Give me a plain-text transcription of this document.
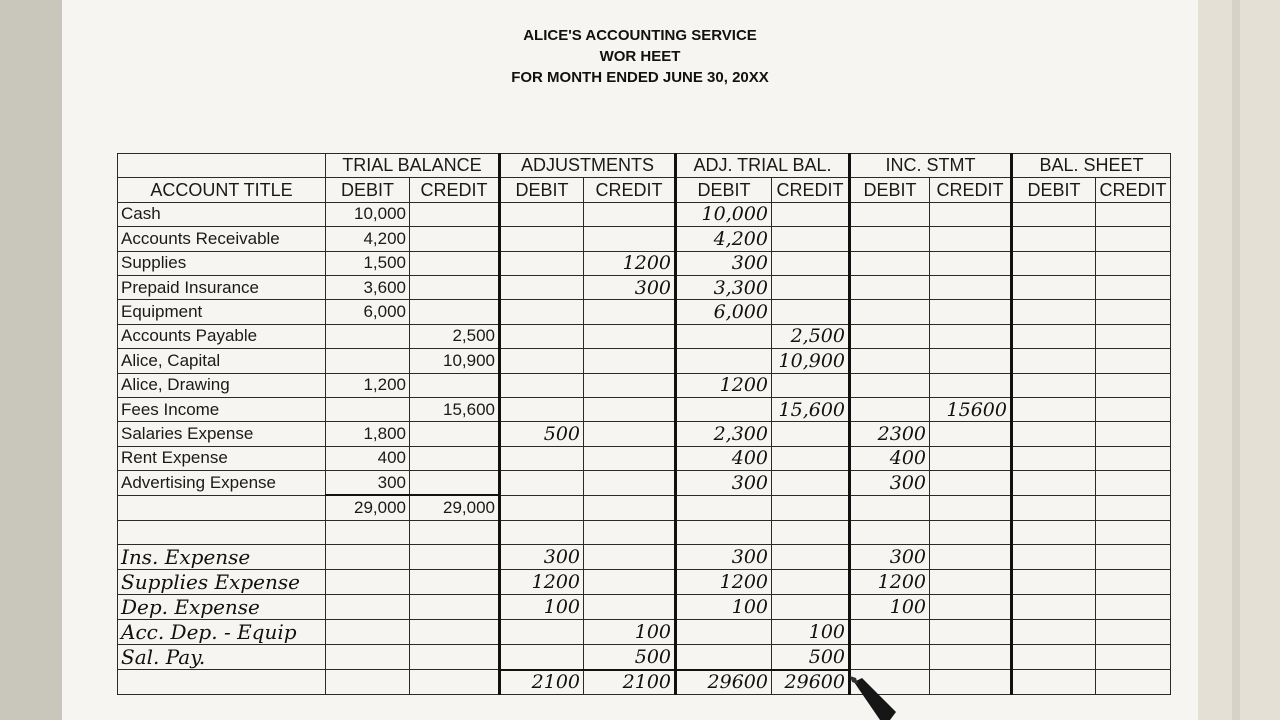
ALICE'S ACCOUNTING SERVICE
WOR HEET
FOR MONTH ENDED JUNE 30, 20XX
	TRIAL BALANCE		ADJUSTMENTS		ADJ. TRIAL BAL.		INC. STMT		BAL. SHEET	
ACCOUNT TITLE	DEBIT	CREDIT	DEBIT	CREDIT	DEBIT	CREDIT	DEBIT	CREDIT	DEBIT	CREDIT
Cash	10,000				10,000					
Accounts Receivable	4,200				4,200					
Supplies	1,500			1200	300					
Prepaid Insurance	3,600			300	3,300					
Equipment	6,000				6,000					
Accounts Payable		2,500				2,500				
Alice, Capital		10,900				10,900				
Alice, Drawing	1,200				1200					
Fees Income		15,600				15,600		15600		
Salaries Expense	1,800		500		2,300		2300			
Rent Expense	400				400		400			
Advertising Expense	300				300		300			
	29,000	29,000								

Ins. Expense			300		300		300			
Supplies Expense			1200		1200		1200			
Dep. Expense			100		100		100			
Acc. Dep. - Equip				100		100				
Sal. Pay.				500		500				
			2100	2100	29600	29600				
